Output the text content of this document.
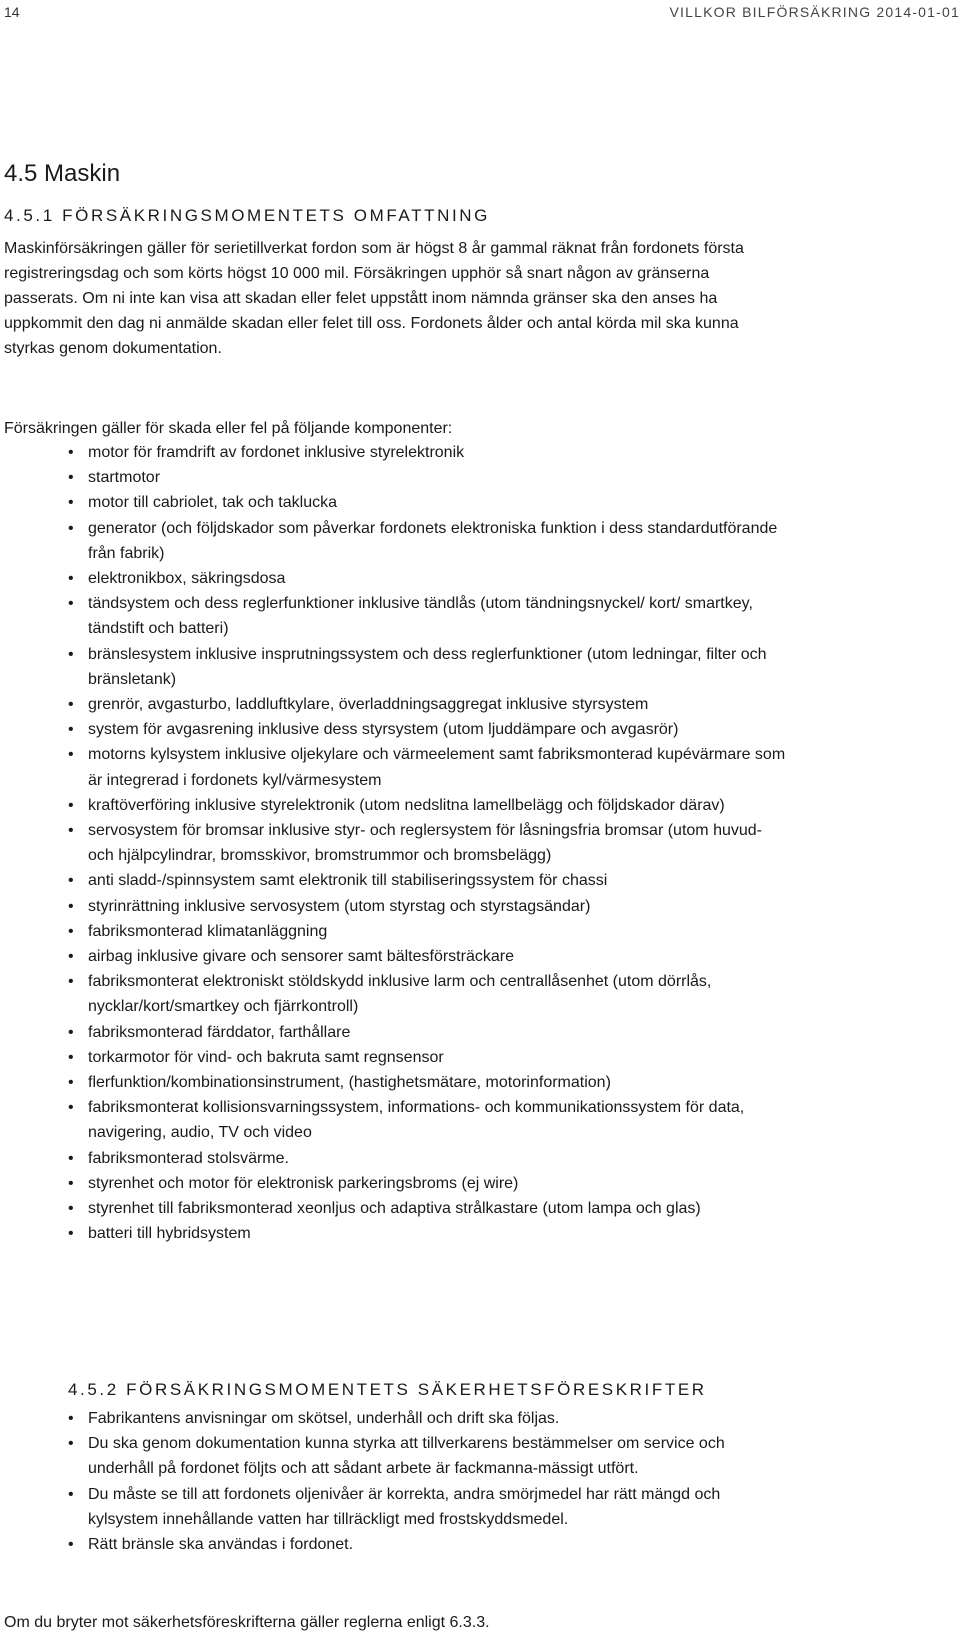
14	VILLKOR BILFÖRSÄKRING 2014-01-01
4.5 Maskin
4.5.1 FÖRSÄKRINGSMOMENTETS OMFATTNING

Maskinförsäkringen gäller för serietillverkat fordon som är högst 8 år gammal räknat från fordonets första registreringsdag och som körts högst 10 000 mil. Försäkringen upphör så snart någon av gränserna passerats. Om ni inte kan visa att skadan eller felet uppstått inom nämnda gränser ska den anses ha uppkommit den dag ni anmälde skadan eller felet till oss. Fordonets ålder och antal körda mil ska kunna styrkas genom dokumentation.

Försäkringen gäller för skada eller fel på följande komponenter:

• motor för framdrift av fordonet inklusive styrelektronik
• startmotor
• motor till cabriolet, tak och taklucka
• generator (och följdskador som påverkar fordonets elektroniska funktion i dess standardutförande från fabrik)
• elektronikbox, säkringsdosa
• tändsystem och dess reglerfunktioner inklusive tändlås (utom tändningsnyckel/ kort/ smartkey, tändstift och batteri)
• bränslesystem inklusive insprutningssystem och dess reglerfunktioner (utom ledningar, filter och bränsletank)
• grenrör, avgasturbo, laddluftkylare, överladdningsaggregat inklusive styrsystem
• system för avgasrening inklusive dess styrsystem (utom ljuddämpare och avgasrör)
• motorns kylsystem inklusive oljekylare och värmeelement samt fabriksmonterad kupévärmare som är integrerad i fordonets kyl/värmesystem
• kraftöverföring inklusive styrelektronik (utom nedslitna lamellbelägg och följdskador därav)
• servosystem för bromsar inklusive styr- och reglersystem för låsningsfria bromsar (utom huvud- och hjälpcylindrar, bromsskivor, bromstrummor och bromsbelägg)
• anti sladd-/spinnsystem samt elektronik till stabiliseringssystem för chassi
• styrinrättning inklusive servosystem (utom styrstag och styrstagsändar)
• fabriksmonterad klimatanläggning
• airbag inklusive givare och sensorer samt bältesförsträckare
• fabriksmonterat elektroniskt stöldskydd inklusive larm och centrallåsenhet (utom dörrlås, nycklar/kort/smartkey och fjärrkontroll)
• fabriksmonterad färddator, farthållare
• torkarmotor för vind- och bakruta samt regnsensor
• flerfunktion/kombinationsinstrument, (hastighetsmätare, motorinformation)
• fabriksmonterat kollisionsvarningssystem, informations- och kommunikationssystem för data, navigering, audio, TV och video
• fabriksmonterad stolsvärme.
• styrenhet och motor för elektronisk parkeringsbroms (ej wire)
• styrenhet till fabriksmonterad xeonljus och adaptiva strålkastare (utom lampa och glas)
• batteri till hybridsystem
4.5.2 FÖRSÄKRINGSMOMENTETS SÄKERHETSFÖRESKRIFTER
• Fabrikantens anvisningar om skötsel, underhåll och drift ska följas.
• Du ska genom dokumentation kunna styrka att tillverkarens bestämmelser om service och underhåll på fordonet följts och att sådant arbete är fackmanna-mässigt utfört.
• Du måste se till att fordonets oljenivåer är korrekta, andra smörjmedel har rätt mängd och kylsystem innehållande vatten har tillräckligt med frostskyddsmedel.
• Rätt bränsle ska användas i fordonet.

Om du bryter mot säkerhetsföreskrifterna gäller reglerna enligt 6.3.3.
